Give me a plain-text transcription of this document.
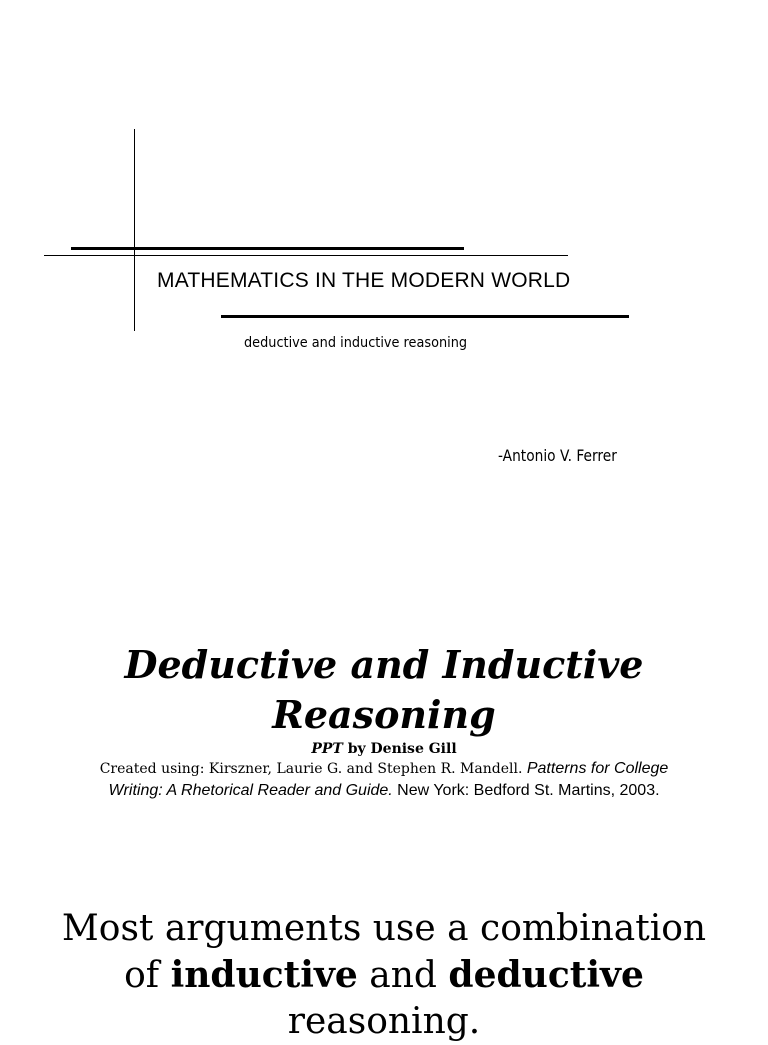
MATHEMATICS IN THE MODERN WORLD
deductive and inductive reasoning
-Antonio V. Ferrer
Deductive and Inductive
Reasoning
PPT by Denise Gill
Created using: Kirszner, Laurie G. and Stephen R. Mandell. Patterns for College
Writing: A Rhetorical Reader and Guide. New York: Bedford St. Martins, 2003.
Most arguments use a combination
of inductive and deductive
reasoning.
